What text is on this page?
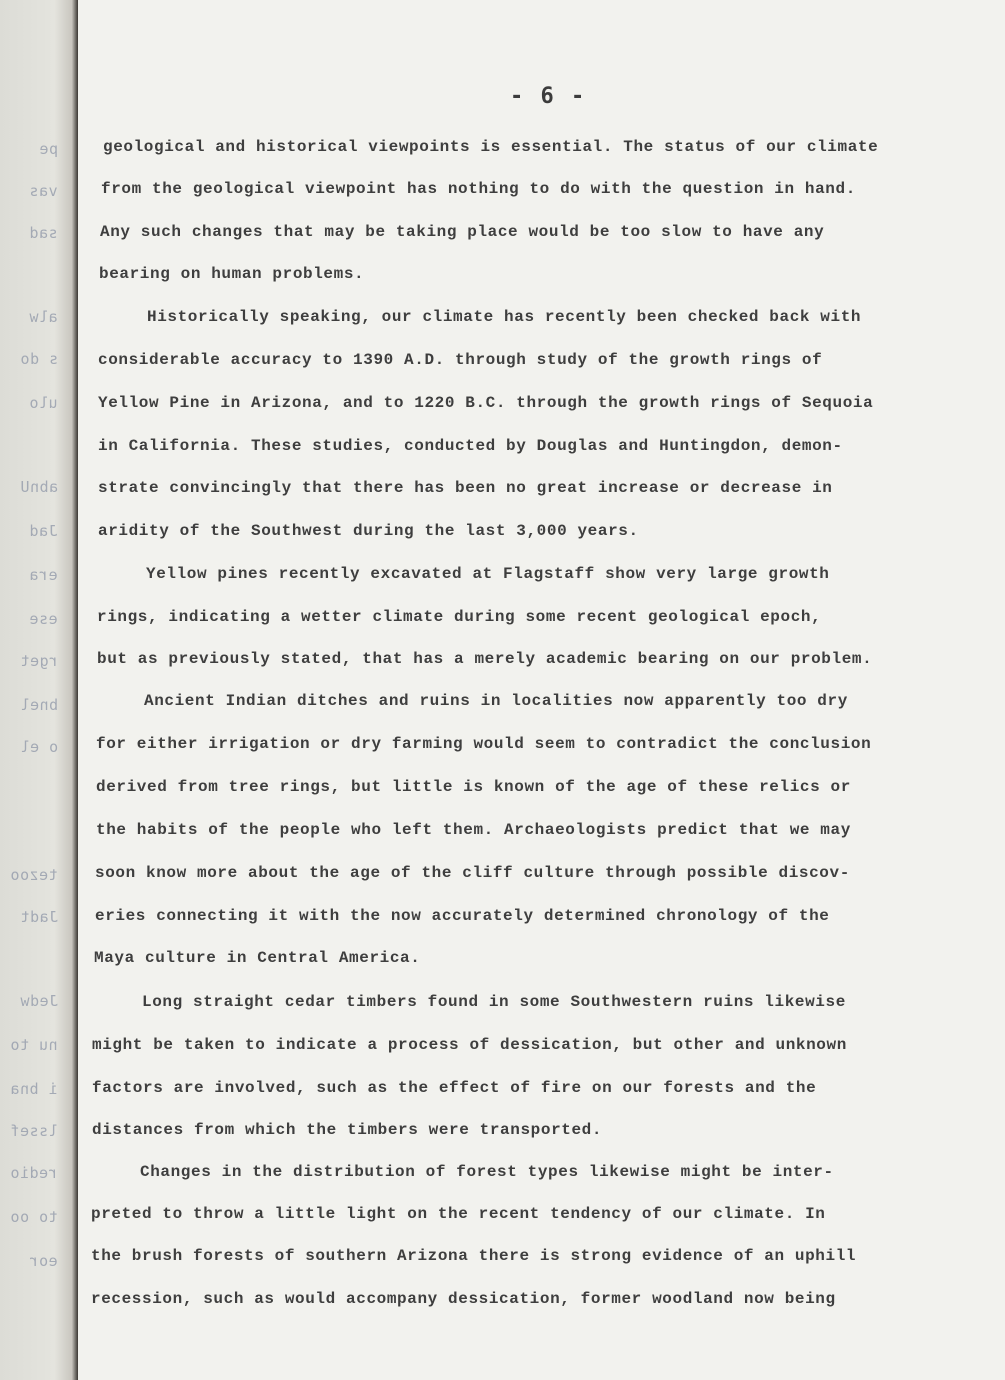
pe
vas
sad
alw
s do
ulo
abnU
Jad
era
ese
rget
bnel
o el
tezoo
Jadt
Jedw
nu to
i bna
lssef
redio
to oo
eor
- 6 -
geological and historical viewpoints is essential. The status of our climate
from the geological viewpoint has nothing to do with the question in hand.
Any such changes that may be taking place would be too slow to have any
bearing on human problems.
Historically speaking, our climate has recently been checked back with
considerable accuracy to 1390 A.D. through study of the growth rings of
Yellow Pine in Arizona, and to 1220 B.C. through the growth rings of Sequoia
in California. These studies, conducted by Douglas and Huntingdon, demon-
strate convincingly that there has been no great increase or decrease in
aridity of the Southwest during the last 3,000 years.
Yellow pines recently excavated at Flagstaff show very large growth
rings, indicating a wetter climate during some recent geological epoch,
but as previously stated, that has a merely academic bearing on our problem.
Ancient Indian ditches and ruins in localities now apparently too dry
for either irrigation or dry farming would seem to contradict the conclusion
derived from tree rings, but little is known of the age of these relics or
the habits of the people who left them. Archaeologists predict that we may
soon know more about the age of the cliff culture through possible discov-
eries connecting it with the now accurately determined chronology of the
Maya culture in Central America.
Long straight cedar timbers found in some Southwestern ruins likewise
might be taken to indicate a process of dessication, but other and unknown
factors are involved, such as the effect of fire on our forests and the
distances from which the timbers were transported.
Changes in the distribution of forest types likewise might be inter-
preted to throw a little light on the recent tendency of our climate. In
the brush forests of southern Arizona there is strong evidence of an uphill
recession, such as would accompany dessication, former woodland now being
